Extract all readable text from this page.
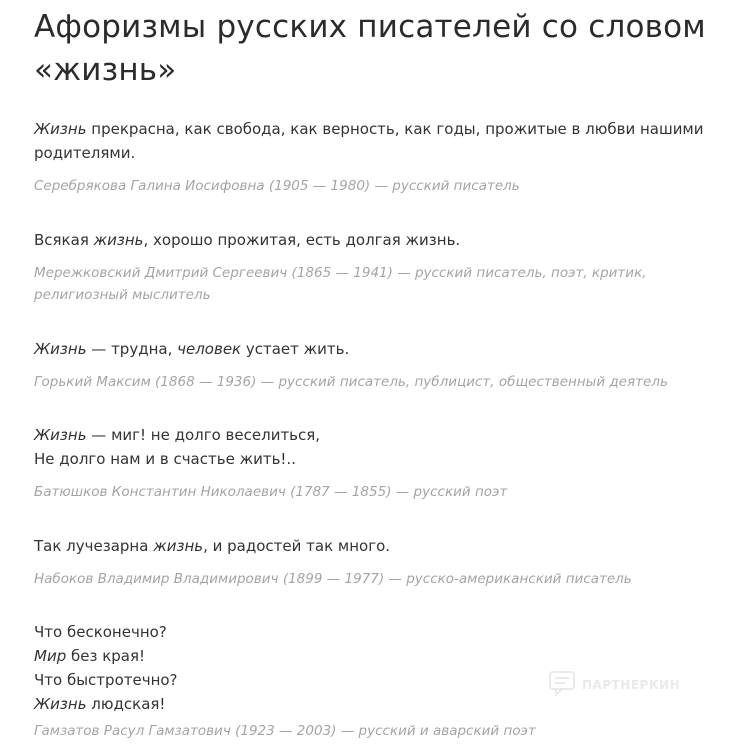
Афоризмы русских писателей со словом «жизнь»

Жизнь прекрасна, как свобода, как верность, как годы, прожитые в любви нашими родителями.

Серебрякова Галина Иосифовна (1905 — 1980) — русский писатель

Всякая жизнь, хорошо прожитая, есть долгая жизнь.

Мережковский Дмитрий Сергеевич (1865 — 1941) — русский писатель, поэт, критик, религиозный мыслитель

Жизнь — трудна, человек устает жить.

Горький Максим (1868 — 1936) — русский писатель, публицист, общественный деятель

Жизнь — миг! не долго веселиться,
Не долго нам и в счастье жить!..

Батюшков Константин Николаевич (1787 — 1855) — русский поэт

Так лучезарна жизнь, и радостей так много.

Набоков Владимир Владимирович (1899 — 1977) — русско-американский писатель

Что бесконечно?
Мир без края!
Что быстротечно?
Жизнь людская!

Гамзатов Расул Гамзатович (1923 — 2003) — русский и аварский поэт
ПАРТНЕРКИН
